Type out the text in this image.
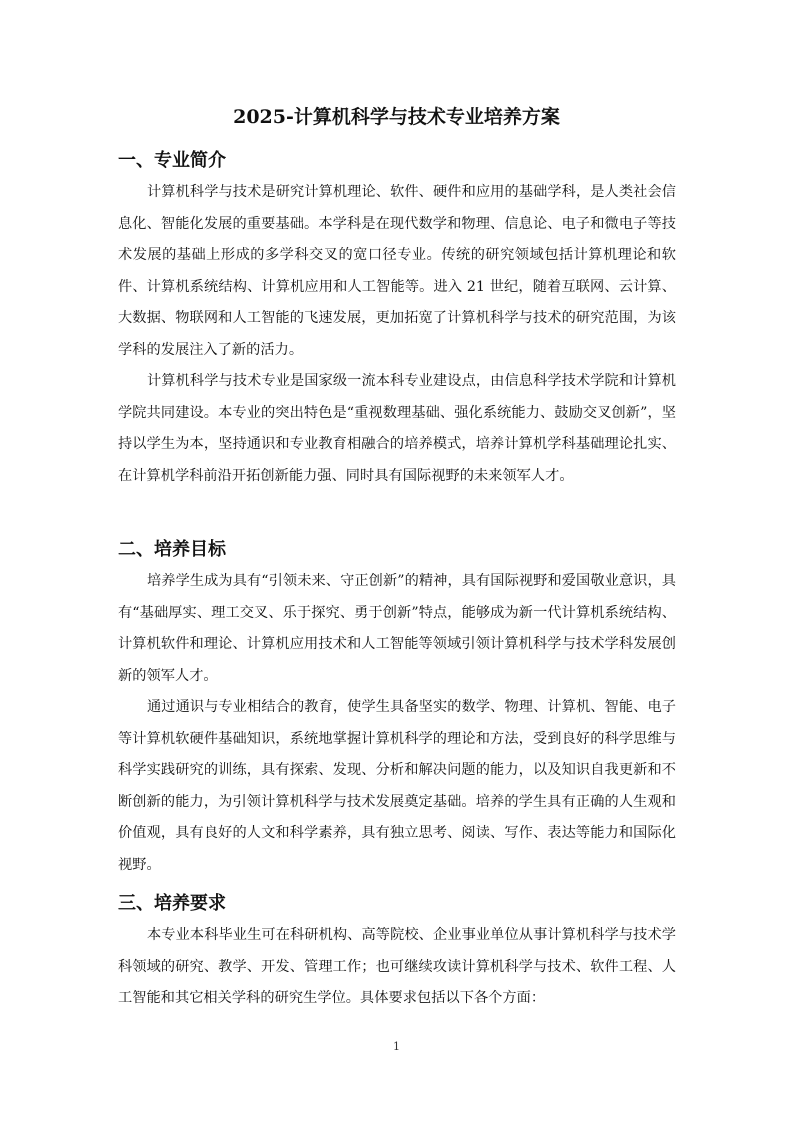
2025-计算机科学与技术专业培养方案
一、专业简介
计算机科学与技术是研究计算机理论、软件、硬件和应用的基础学科，是人类社会信息化、智能化发展的重要基础。本学科是在现代数学和物理、信息论、电子和微电子等技术发展的基础上形成的多学科交叉的宽口径专业。传统的研究领域包括计算机理论和软件、计算机系统结构、计算机应用和人工智能等。进入 21 世纪，随着互联网、云计算、大数据、物联网和人工智能的飞速发展，更加拓宽了计算机科学与技术的研究范围，为该学科的发展注入了新的活力。
计算机科学与技术专业是国家级一流本科专业建设点，由信息科学技术学院和计算机学院共同建设。本专业的突出特色是“重视数理基础、强化系统能力、鼓励交叉创新”，坚持以学生为本，坚持通识和专业教育相融合的培养模式，培养计算机学科基础理论扎实、在计算机学科前沿开拓创新能力强、同时具有国际视野的未来领军人才。
二、培养目标
培养学生成为具有“引领未来、守正创新”的精神，具有国际视野和爱国敬业意识，具有“基础厚实、理工交叉、乐于探究、勇于创新”特点，能够成为新一代计算机系统结构、计算机软件和理论、计算机应用技术和人工智能等领域引领计算机科学与技术学科发展创新的领军人才。
通过通识与专业相结合的教育，使学生具备坚实的数学、物理、计算机、智能、电子等计算机软硬件基础知识，系统地掌握计算机科学的理论和方法，受到良好的科学思维与科学实践研究的训练，具有探索、发现、分析和解决问题的能力，以及知识自我更新和不断创新的能力，为引领计算机科学与技术发展奠定基础。培养的学生具有正确的人生观和价值观，具有良好的人文和科学素养，具有独立思考、阅读、写作、表达等能力和国际化视野。
三、培养要求
本专业本科毕业生可在科研机构、高等院校、企业事业单位从事计算机科学与技术学科领域的研究、教学、开发、管理工作；也可继续攻读计算机科学与技术、软件工程、人工智能和其它相关学科的研究生学位。具体要求包括以下各个方面：
1
